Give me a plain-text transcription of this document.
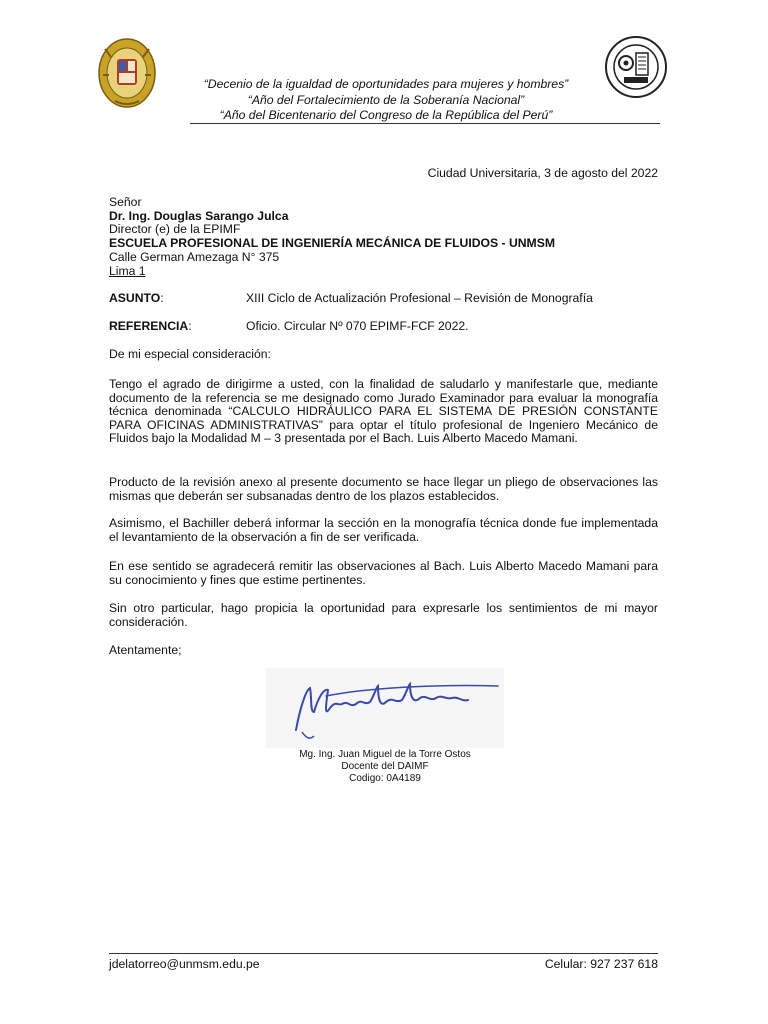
“Decenio de la igualdad de oportunidades para mujeres y hombres”
“Año del Fortalecimiento de la Soberanía Nacional”
“Año del Bicentenario del Congreso de la República del Perú”
Ciudad Universitaria, 3 de agosto del 2022
Señor
Dr. Ing. Douglas Sarango Julca
Director (e) de la EPIMF
ESCUELA PROFESIONAL DE INGENIERÍA MECÁNICA DE FLUIDOS - UNMSM
Calle German Amezaga N° 375
Lima 1
ASUNTO:	XIII Ciclo de Actualización Profesional – Revisión de Monografía
REFERENCIA:	Oficio. Circular Nº 070 EPIMF-FCF 2022.
De mi especial consideración:
Tengo el agrado de dirigirme a usted, con la finalidad de saludarlo y manifestarle que, mediante documento de la referencia se me designado como Jurado Examinador para evaluar la monografía técnica denominada “CALCULO HIDRÁULICO PARA EL SISTEMA DE PRESIÓN CONSTANTE PARA OFICINAS ADMINISTRATIVAS” para optar el título profesional de Ingeniero Mecánico de Fluidos bajo la Modalidad M – 3 presentada por el Bach. Luis Alberto Macedo Mamani.
Producto de la revisión anexo al presente documento se hace llegar un pliego de observaciones las mismas que deberán ser subsanadas dentro de los plazos establecidos.
Asimismo, el Bachiller deberá informar la sección en la monografía técnica donde fue implementada el levantamiento de la observación a fin de ser verificada.
En ese sentido se agradecerá remitir las observaciones al Bach. Luis Alberto Macedo Mamani para su conocimiento y fines que estime pertinentes.
Sin otro particular, hago propicia la oportunidad para expresarle los sentimientos de mi mayor consideración.
Atentamente;
Mg. Ing. Juan Miguel de la Torre Ostos
Docente del DAIMF
Codigo: 0A4189
jdelatorreo@unmsm.edu.pe	Celular: 927 237 618
